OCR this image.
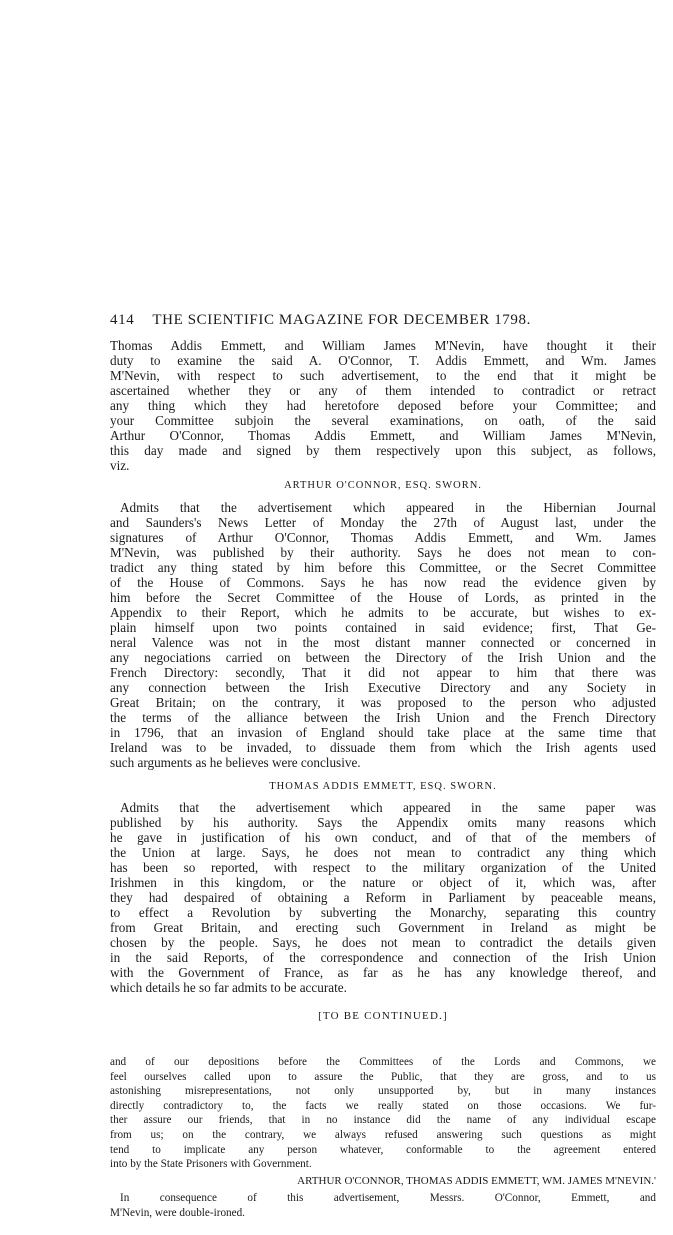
414 THE SCIENTIFIC MAGAZINE FOR DECEMBER 1798.
Thomas Addis Emmett, and William James M'Nevin, have thought it their
duty to examine the said A. O'Connor, T. Addis Emmett, and Wm. James
M'Nevin, with respect to such advertisement, to the end that it might be
ascertained whether they or any of them intended to contradict or retract
any thing which they had heretofore deposed before your Committee; and
your Committee subjoin the several examinations, on oath, of the said
Arthur O'Connor, Thomas Addis Emmett, and William James M'Nevin,
this day made and signed by them respectively upon this subject, as follows,
viz.
ARTHUR O'CONNOR, ESQ. SWORN.
Admits that the advertisement which appeared in the Hibernian Journal
and Saunders's News Letter of Monday the 27th of August last, under the
signatures of Arthur O'Connor, Thomas Addis Emmett, and Wm. James
M'Nevin, was published by their authority. Says he does not mean to con-
tradict any thing stated by him before this Committee, or the Secret Committee
of the House of Commons. Says he has now read the evidence given by
him before the Secret Committee of the House of Lords, as printed in the
Appendix to their Report, which he admits to be accurate, but wishes to ex-
plain himself upon two points contained in said evidence; first, That Ge-
neral Valence was not in the most distant manner connected or concerned in
any negociations carried on between the Directory of the Irish Union and the
French Directory: secondly, That it did not appear to him that there was
any connection between the Irish Executive Directory and any Society in
Great Britain; on the contrary, it was proposed to the person who adjusted
the terms of the alliance between the Irish Union and the French Directory
in 1796, that an invasion of England should take place at the same time that
Ireland was to be invaded, to dissuade them from which the Irish agents used
such arguments as he believes were conclusive.
THOMAS ADDIS EMMETT, ESQ. SWORN.
Admits that the advertisement which appeared in the same paper was
published by his authority. Says the Appendix omits many reasons which
he gave in justification of his own conduct, and of that of the members of
the Union at large. Says, he does not mean to contradict any thing which
has been so reported, with respect to the military organization of the United
Irishmen in this kingdom, or the nature or object of it, which was, after
they had despaired of obtaining a Reform in Parliament by peaceable means,
to effect a Revolution by subverting the Monarchy, separating this country
from Great Britain, and erecting such Government in Ireland as might be
chosen by the people. Says, he does not mean to contradict the details given
in the said Reports, of the correspondence and connection of the Irish Union
with the Government of France, as far as he has any knowledge thereof, and
which details he so far admits to be accurate.
[TO BE CONTINUED.]
and of our depositions before the Committees of the Lords and Commons, we
feel ourselves called upon to assure the Public, that they are gross, and to us
astonishing misrepresentations, not only unsupported by, but in many instances
directly contradictory to, the facts we really stated on those occasions. We fur-
ther assure our friends, that in no instance did the name of any individual escape
from us; on the contrary, we always refused answering such questions as might
tend to implicate any person whatever, conformable to the agreement entered
into by the State Prisoners with Government.
ARTHUR O'CONNOR, THOMAS ADDIS EMMETT, WM. JAMES M'NEVIN.'
In consequence of this advertisement, Messrs. O'Connor, Emmett, and
M'Nevin, were double-ironed.
